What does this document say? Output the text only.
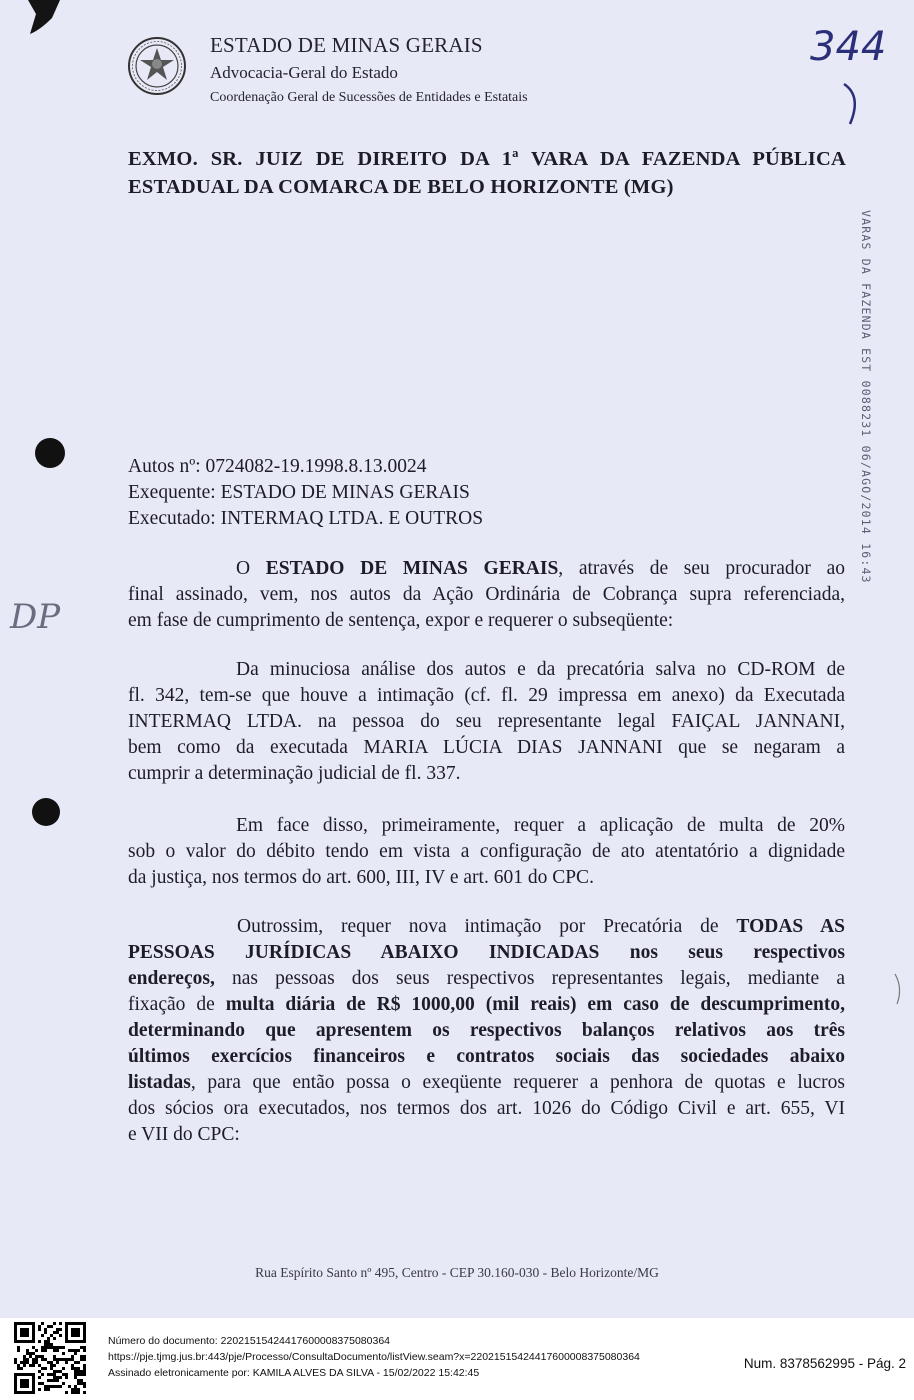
ESTADO DE MINAS GERAIS
Advocacia-Geral do Estado
Coordenação Geral de Sucessões de Entidades e Estatais
344
EXMO. SR. JUIZ DE DIREITO DA 1ª VARA DA FAZENDA PÚBLICA
ESTADUAL DA COMARCA DE BELO HORIZONTE (MG)
VARAS DA FAZENDA EST 0088231 06/AGO/2014 16:43
DP
Autos nº: 0724082-19.1998.8.13.0024
Exequente: ESTADO DE MINAS GERAIS
Executado: INTERMAQ LTDA. E OUTROS
O ESTADO DE MINAS GERAIS, através de seu procurador ao
final assinado, vem, nos autos da Ação Ordinária de Cobrança supra referenciada,
em fase de cumprimento de sentença, expor e requerer o subseqüente:
Da minuciosa análise dos autos e da precatória salva no CD-ROM de
fl. 342, tem-se que houve a intimação (cf. fl. 29 impressa em anexo) da Executada
INTERMAQ LTDA. na pessoa do seu representante legal FAIÇAL JANNANI,
bem como da executada MARIA LÚCIA DIAS JANNANI que se negaram a
cumprir a determinação judicial de fl. 337.
Em face disso, primeiramente, requer a aplicação de multa de 20%
sob o valor do débito tendo em vista a configuração de ato atentatório a dignidade
da justiça, nos termos do art. 600, III, IV e art. 601 do CPC.
Outrossim, requer nova intimação por Precatória de TODAS AS
PESSOAS JURÍDICAS ABAIXO INDICADAS nos seus respectivos
endereços, nas pessoas dos seus respectivos representantes legais, mediante a
fixação de multa diária de R$ 1000,00 (mil reais) em caso de descumprimento,
determinando que apresentem os respectivos balanços relativos aos três
últimos exercícios financeiros e contratos sociais das sociedades abaixo
listadas, para que então possa o exeqüente requerer a penhora de quotas e lucros
dos sócios ora executados, nos termos dos art. 1026 do Código Civil e art. 655, VI
e VII do CPC:
Rua Espírito Santo nº 495, Centro - CEP 30.160-030 - Belo Horizonte/MG
Número do documento: 22021515424417600008375080364
https://pje.tjmg.jus.br:443/pje/Processo/ConsultaDocumento/listView.seam?x=22021515424417600008375080364
Assinado eletronicamente por: KAMILA ALVES DA SILVA - 15/02/2022 15:42:45
Num. 8378562995 - Pág. 2
